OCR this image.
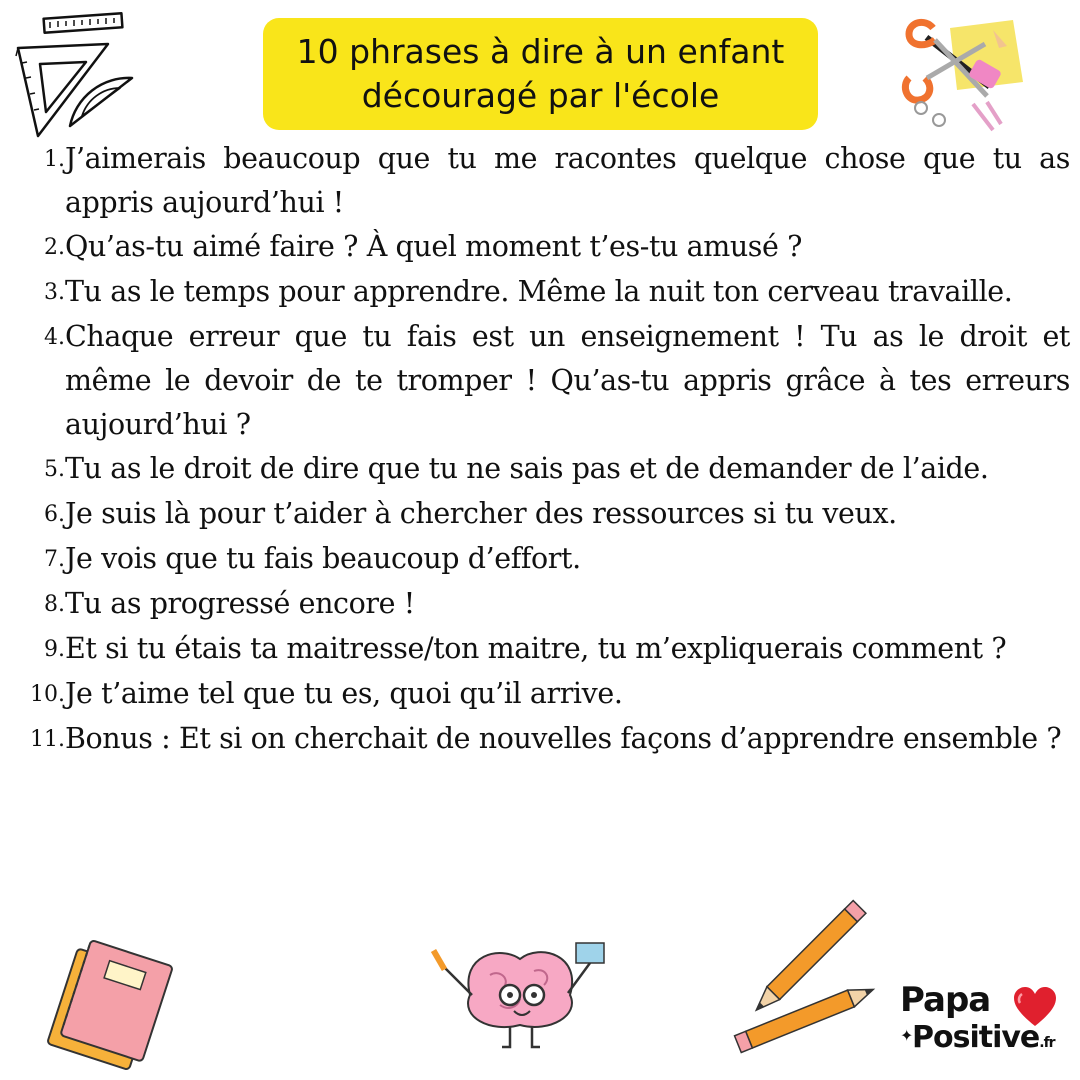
10 phrases à dire à un enfant
découragé par l'école
1. J’aimerais beaucoup que tu me racontes quelque chose que tu as appris aujourd’hui !
2. Qu’as-tu aimé faire ? À quel moment t’es-tu amusé ?
3. Tu as le temps pour apprendre. Même la nuit ton cerveau travaille.
4. Chaque erreur que tu fais est un enseignement ! Tu as le droit et même le devoir de te tromper ! Qu’as-tu appris grâce à tes erreurs aujourd’hui ?
5. Tu as le droit de dire que tu ne sais pas et de demander de l’aide.
6. Je suis là pour t’aider à chercher des ressources si tu veux.
7. Je vois que tu fais beaucoup d’effort.
8. Tu as progressé encore !
9. Et si tu étais ta maitresse/ton maitre, tu m’expliquerais comment ?
10. Je t’aime tel que tu es, quoi qu’il arrive.
11. Bonus : Et si on cherchait de nouvelles façons d’apprendre ensemble ?
Papa
✦
Positive.fr
